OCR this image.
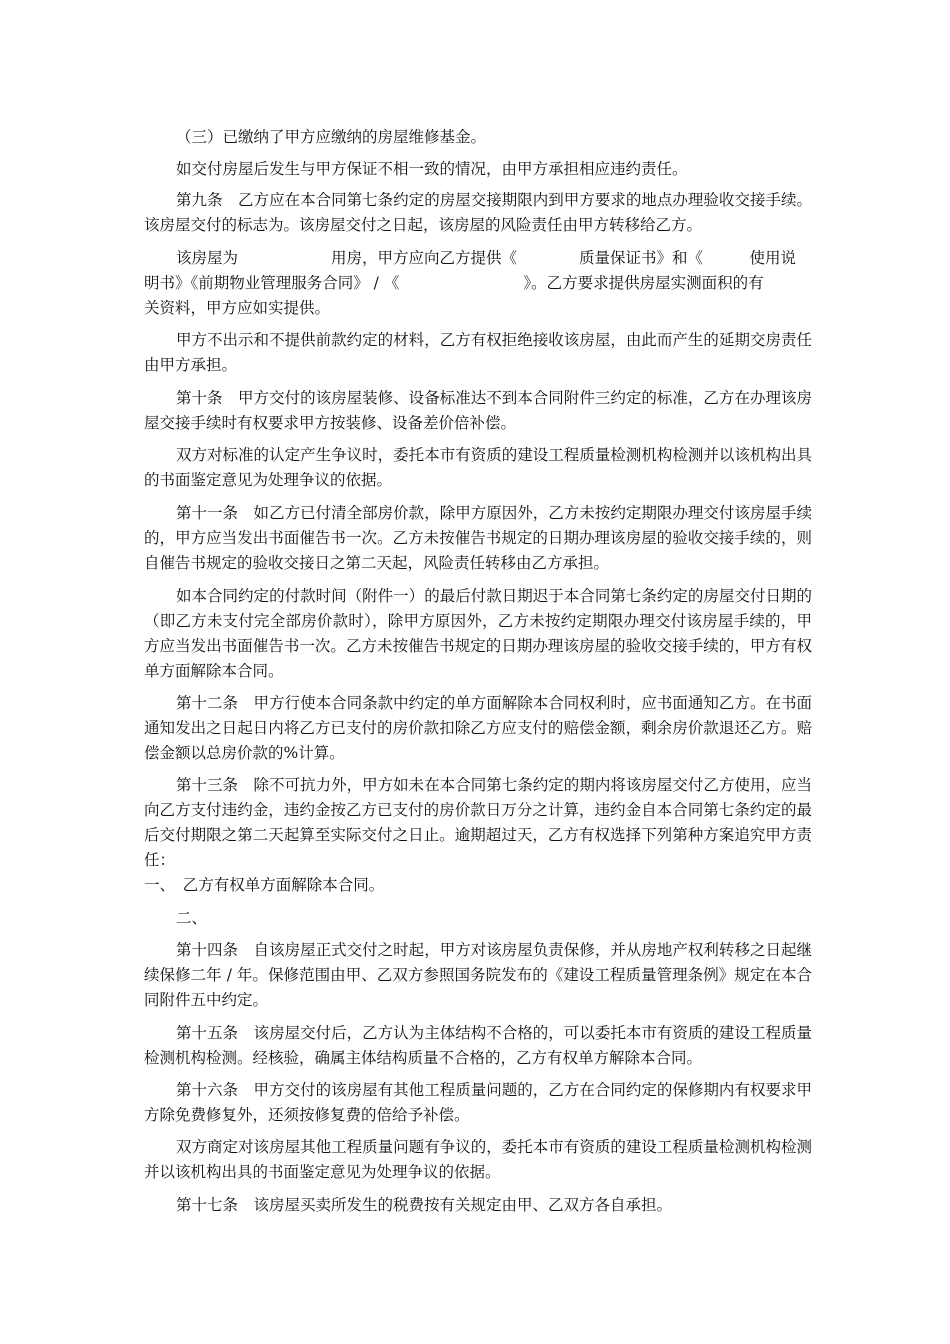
（三）已缴纳了甲方应缴纳的房屋维修基金。

如交付房屋后发生与甲方保证不相一致的情况，由甲方承担相应违约责任。

第九条　乙方应在本合同第七条约定的房屋交接期限内到甲方要求的地点办理验收交接手续。该房屋交付的标志为。该房屋交付之日起，该房屋的风险责任由甲方转移给乙方。

该房屋为　　　　　　用房，甲方应向乙方提供《　　　　质量保证书》和《　　　使用说
明书》《前期物业管理服务合同》 / 《　　　　　　　　》。乙方要求提供房屋实测面积的有
关资料，甲方应如实提供。

甲方不出示和不提供前款约定的材料，乙方有权拒绝接收该房屋，由此而产生的延期交房责任由甲方承担。

第十条　甲方交付的该房屋装修、设备标准达不到本合同附件三约定的标准，乙方在办理该房屋交接手续时有权要求甲方按装修、设备差价倍补偿。

双方对标准的认定产生争议时，委托本市有资质的建设工程质量检测机构检测并以该机构出具的书面鉴定意见为处理争议的依据。

第十一条　如乙方已付清全部房价款，除甲方原因外，乙方未按约定期限办理交付该房屋手续的，甲方应当发出书面催告书一次。乙方未按催告书规定的日期办理该房屋的验收交接手续的，则自催告书规定的验收交接日之第二天起，风险责任转移由乙方承担。

如本合同约定的付款时间（附件一）的最后付款日期迟于本合同第七条约定的房屋交付日期的（即乙方未支付完全部房价款时），除甲方原因外，乙方未按约定期限办理交付该房屋手续的，甲方应当发出书面催告书一次。乙方未按催告书规定的日期办理该房屋的验收交接手续的，甲方有权单方面解除本合同。

第十二条　甲方行使本合同条款中约定的单方面解除本合同权利时，应书面通知乙方。在书面通知发出之日起日内将乙方已支付的房价款扣除乙方应支付的赔偿金额，剩余房价款退还乙方。赔偿金额以总房价款的%计算。

第十三条　除不可抗力外，甲方如未在本合同第七条约定的期内将该房屋交付乙方使用，应当向乙方支付违约金，违约金按乙方已支付的房价款日万分之计算，违约金自本合同第七条约定的最后交付期限之第二天起算至实际交付之日止。逾期超过天，乙方有权选择下列第种方案追究甲方责任：

一、　乙方有权单方面解除本合同。
二、

第十四条　自该房屋正式交付之时起，甲方对该房屋负责保修，并从房地产权利转移之日起继续保修二年 / 年。保修范围由甲、乙双方参照国务院发布的《建设工程质量管理条例》规定在本合同附件五中约定。

第十五条　该房屋交付后，乙方认为主体结构不合格的，可以委托本市有资质的建设工程质量检测机构检测。经核验，确属主体结构质量不合格的，乙方有权单方解除本合同。

第十六条　甲方交付的该房屋有其他工程质量问题的，乙方在合同约定的保修期内有权要求甲方除免费修复外，还须按修复费的倍给予补偿。

双方商定对该房屋其他工程质量问题有争议的，委托本市有资质的建设工程质量检测机构检测并以该机构出具的书面鉴定意见为处理争议的依据。

第十七条　该房屋买卖所发生的税费按有关规定由甲、乙双方各自承担。
